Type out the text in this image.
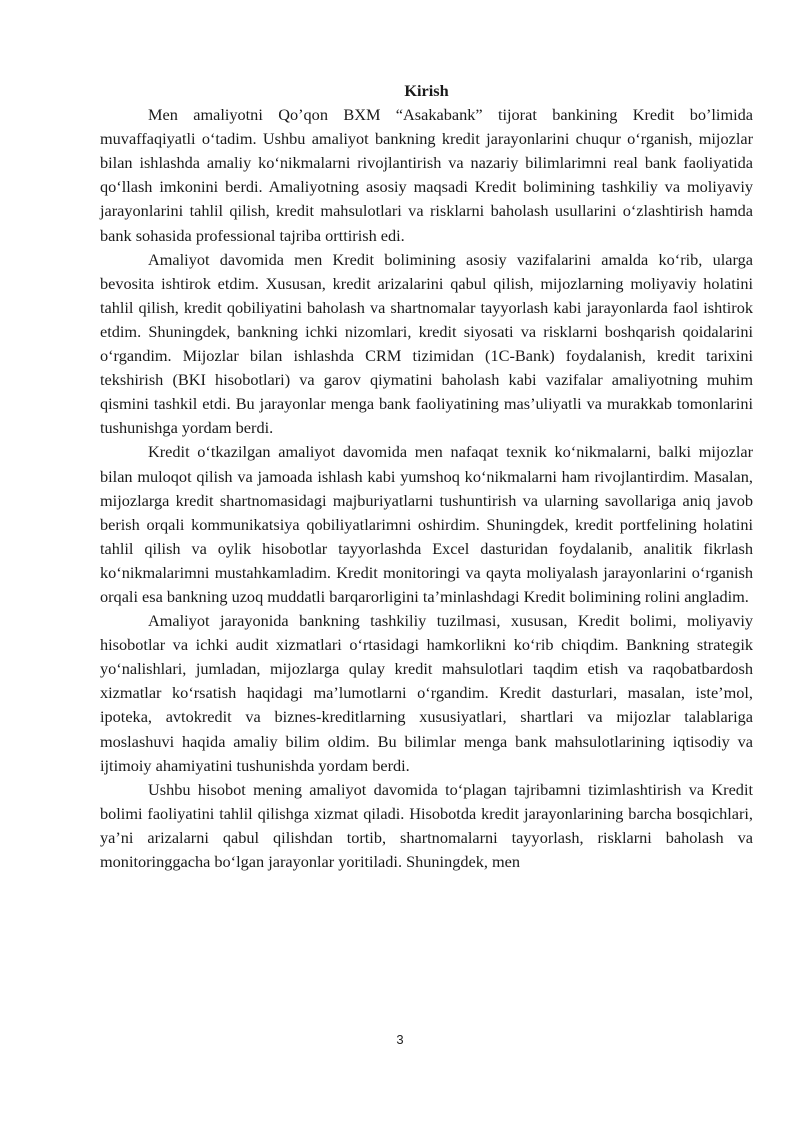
Kirish

Men amaliyotni Qo’qon BXM “Asakabank” tijorat bankining Kredit bo’limida muvaffaqiyatli o‘tadim. Ushbu amaliyot bankning kredit jarayonlarini chuqur o‘rganish, mijozlar bilan ishlashda amaliy ko‘nikmalarni rivojlantirish va nazariy bilimlarimni real bank faoliyatida qo‘llash imkonini berdi. Amaliyotning asosiy maqsadi Kredit bolimining tashkiliy va moliyaviy jarayonlarini tahlil qilish, kredit mahsulotlari va risklarni baholash usullarini o‘zlashtirish hamda bank sohasida professional tajriba orttirish edi.

Amaliyot davomida men Kredit bolimining asosiy vazifalarini amalda ko‘rib, ularga bevosita ishtirok etdim. Xususan, kredit arizalarini qabul qilish, mijozlarning moliyaviy holatini tahlil qilish, kredit qobiliyatini baholash va shartnomalar tayyorlash kabi jarayonlarda faol ishtirok etdim. Shuningdek, bankning ichki nizomlari, kredit siyosati va risklarni boshqarish qoidalarini o‘rgandim. Mijozlar bilan ishlashda CRM tizimidan (1C-Bank) foydalanish, kredit tarixini tekshirish (BKI hisobotlari) va garov qiymatini baholash kabi vazifalar amaliyotning muhim qismini tashkil etdi. Bu jarayonlar menga bank faoliyatining mas’uliyatli va murakkab tomonlarini tushunishga yordam berdi.

Kredit o‘tkazilgan amaliyot davomida men nafaqat texnik ko‘nikmalarni, balki mijozlar bilan muloqot qilish va jamoada ishlash kabi yumshoq ko‘nikmalarni ham rivojlantirdim. Masalan, mijozlarga kredit shartnomasidagi majburiyatlarni tushuntirish va ularning savollariga aniq javob berish orqali kommunikatsiya qobiliyatlarimni oshirdim. Shuningdek, kredit portfelining holatini tahlil qilish va oylik hisobotlar tayyorlashda Excel dasturidan foydalanib, analitik fikrlash ko‘nikmalarimni mustahkamladim. Kredit monitoringi va qayta moliyalash jarayonlarini o‘rganish orqali esa bankning uzoq muddatli barqarorligini ta’minlashdagi Kredit bolimining rolini angladim.

Amaliyot jarayonida bankning tashkiliy tuzilmasi, xususan, Kredit bolimi, moliyaviy hisobotlar va ichki audit xizmatlari o‘rtasidagi hamkorlikni ko‘rib chiqdim. Bankning strategik yo‘nalishlari, jumladan, mijozlarga qulay kredit mahsulotlari taqdim etish va raqobatbardosh xizmatlar ko‘rsatish haqidagi ma’lumotlarni o‘rgandim. Kredit dasturlari, masalan, iste’mol, ipoteka, avtokredit va biznes-kreditlarning xususiyatlari, shartlari va mijozlar talablariga moslashuvi haqida amaliy bilim oldim. Bu bilimlar menga bank mahsulotlarining iqtisodiy va ijtimoiy ahamiyatini tushunishda yordam berdi.

Ushbu hisobot mening amaliyot davomida to‘plagan tajribamni tizimlashtirish va Kredit bolimi faoliyatini tahlil qilishga xizmat qiladi. Hisobotda kredit jarayonlarining barcha bosqichlari, ya’ni arizalarni qabul qilishdan tortib, shartnomalarni tayyorlash, risklarni baholash va monitoringgacha bo‘lgan jarayonlar yoritiladi. Shuningdek, men

3
